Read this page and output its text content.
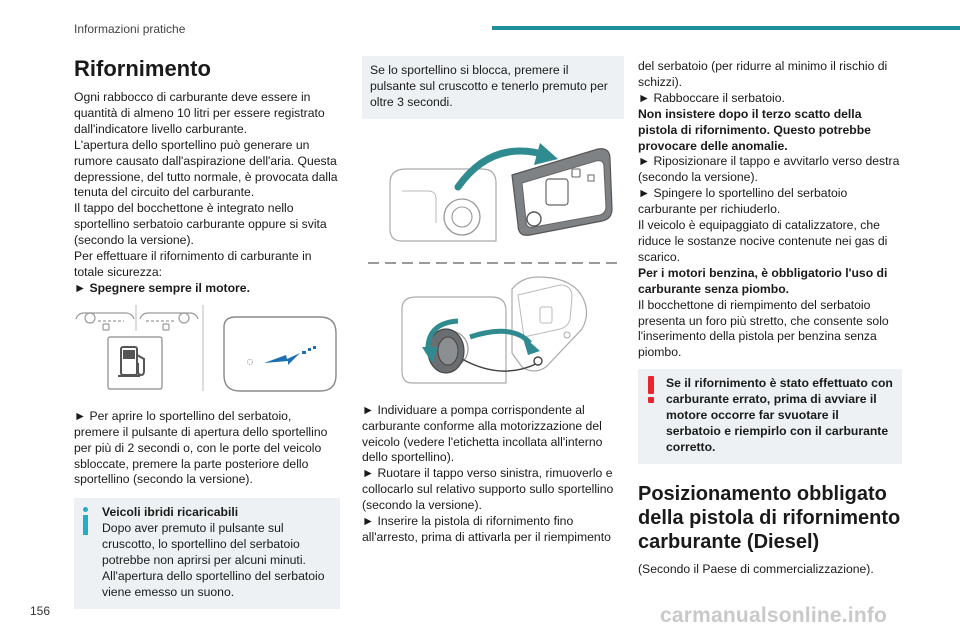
Informazioni pratiche
Rifornimento

Ogni rabbocco di carburante deve essere in quantità di almeno 10 litri per essere registrato dall'indicatore livello carburante.

L'apertura dello sportellino può generare un rumore causato dall'aspirazione dell'aria. Questa depressione, del tutto normale, è provocata dalla tenuta del circuito del carburante.

Il tappo del bocchettone è integrato nello sportellino serbatoio carburante oppure si svita (secondo la versione).

Per effettuare il rifornimento di carburante in totale sicurezza:

► Spegnere sempre il motore.

► Per aprire lo sportellino del serbatoio, premere il pulsante di apertura dello sportellino per più di 2 secondi o, con le porte del veicolo sbloccate, premere la parte posteriore dello sportellino (secondo la versione).

Veicoli ibridi ricaricabili

Dopo aver premuto il pulsante sul cruscotto, lo sportellino del serbatoio potrebbe non aprirsi per alcuni minuti. All'apertura dello sportellino del serbatoio viene emesso un suono.

Se lo sportellino si blocca, premere il pulsante sul cruscotto e tenerlo premuto per oltre 3 secondi.

► Individuare a pompa corrispondente al carburante conforme alla motorizzazione del veicolo (vedere l'etichetta incollata all'interno dello sportellino).

► Ruotare il tappo verso sinistra, rimuoverlo e collocarlo sul relativo supporto sullo sportellino (secondo la versione).

► Inserire la pistola di rifornimento fino all'arresto, prima di attivarla per il riempimento

del serbatoio (per ridurre al minimo il rischio di schizzi).

► Rabboccare il serbatoio.

Non insistere dopo il terzo scatto della pistola di rifornimento. Questo potrebbe provocare delle anomalie.

► Riposizionare il tappo e avvitarlo verso destra (secondo la versione).

► Spingere lo sportellino del serbatoio carburante per richiuderlo.

Il veicolo è equipaggiato di catalizzatore, che riduce le sostanze nocive contenute nei gas di scarico.

Per i motori benzina, è obbligatorio l'uso di carburante senza piombo.

Il bocchettone di riempimento del serbatoio presenta un foro più stretto, che consente solo l'inserimento della pistola per benzina senza piombo.

Se il rifornimento è stato effettuato con carburante errato, prima di avviare il motore occorre far svuotare il serbatoio e riempirlo con il carburante corretto.

Posizionamento obbligato della pistola di rifornimento carburante (Diesel)

(Secondo il Paese di commercializzazione).

156	carmanualsonline.info
